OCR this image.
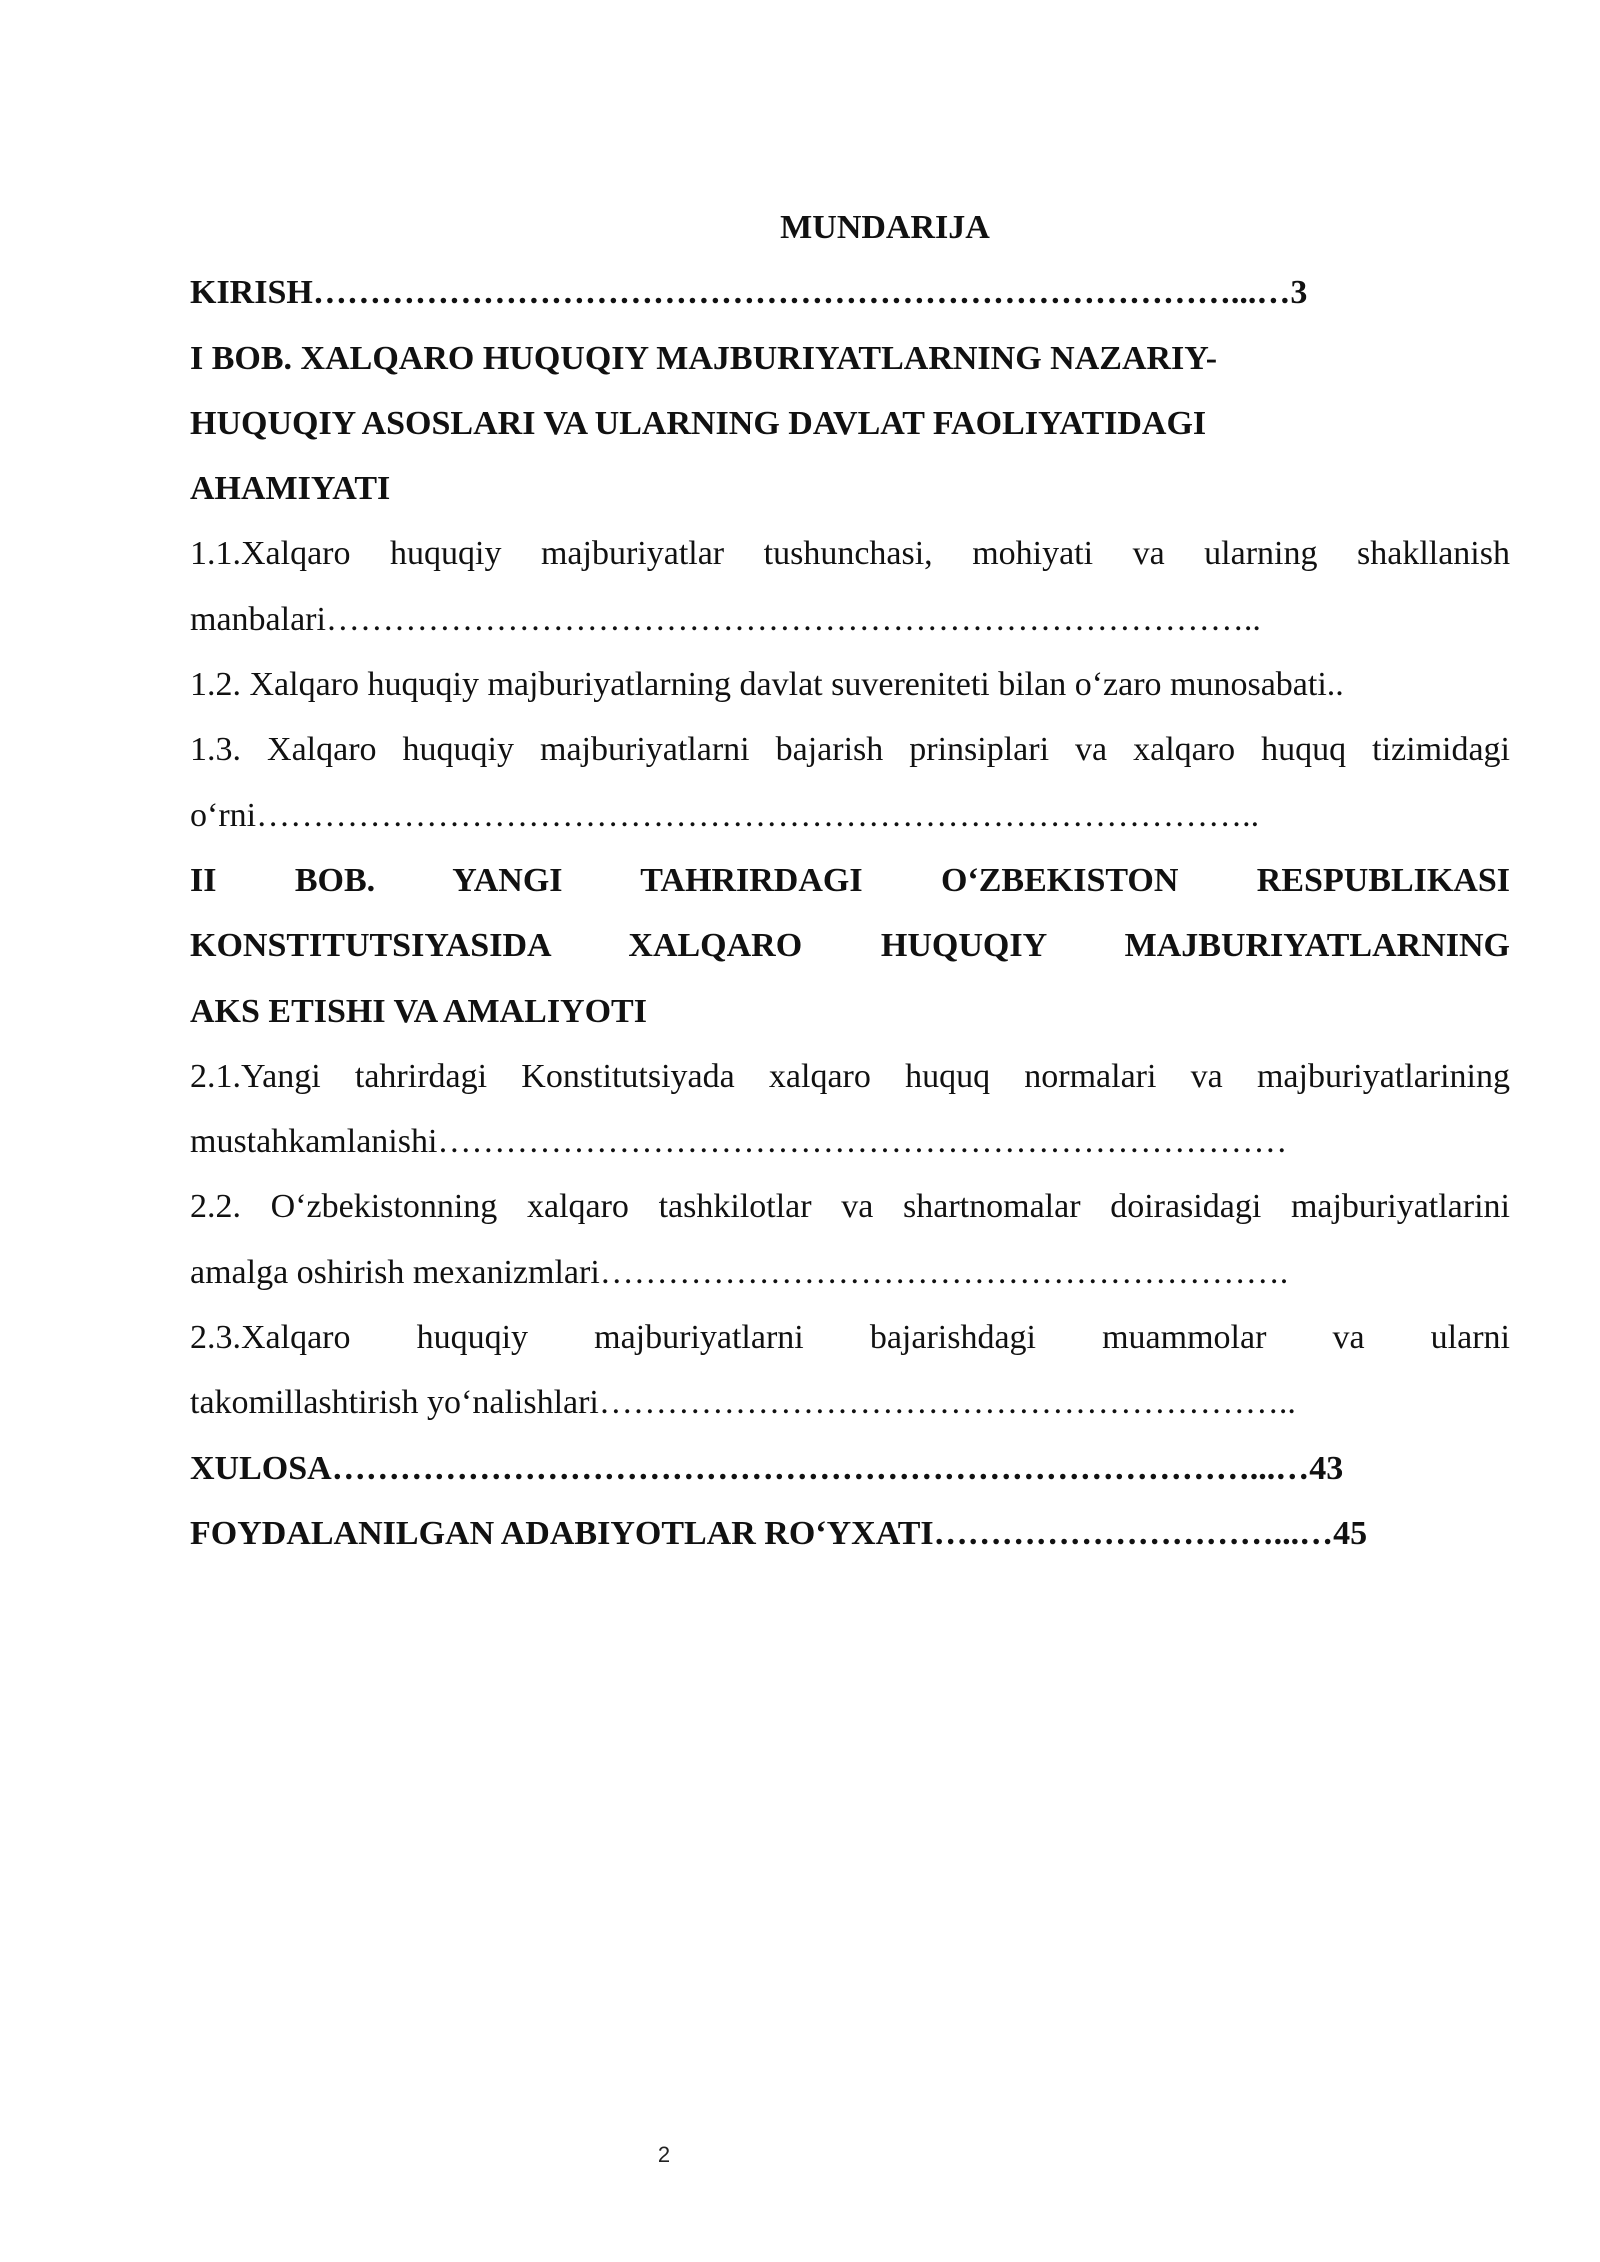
MUNDARIJA

KIRISH………………………………………………………………………...…3

I BOB. XALQARO HUQUQIY MAJBURIYATLARNING NAZARIY-

HUQUQIY ASOSLARI VA ULARNING DAVLAT FAOLIYATIDAGI

AHAMIYATI

1.1.Xalqaro huquqiy majburiyatlar tushunchasi, mohiyati va ularning shakllanish

manbalari………………………………………………………………………..

1.2. Xalqaro huquqiy majburiyatlarning davlat suvereniteti bilan o‘zaro munosabati..

1.3. Xalqaro huquqiy majburiyatlarni bajarish prinsiplari va xalqaro huquq tizimidagi

o‘rni……………………………………………………………………………..

II BOB. YANGI TAHRIRDAGI O‘ZBEKISTON RESPUBLIKASI

KONSTITUTSIYASIDA XALQARO HUQUQIY MAJBURIYATLARNING

AKS ETISHI VA AMALIYOTI

2.1.Yangi tahrirdagi Konstitutsiyada xalqaro huquq normalari va majburiyatlarining

mustahkamlanishi…………………………………………………………………

2.2. O‘zbekistonning xalqaro tashkilotlar va shartnomalar doirasidagi majburiyatlarini

amalga oshirish mexanizmlari…………………………………………………….

2.3.Xalqaro huquqiy majburiyatlarni bajarishdagi muammolar va ularni

takomillashtirish yo‘nalishlari……………………………………………………..

XULOSA………………………………………………………………………...…43

FOYDALANILGAN ADABIYOTLAR RO‘YXATI…………………………...…45

2
